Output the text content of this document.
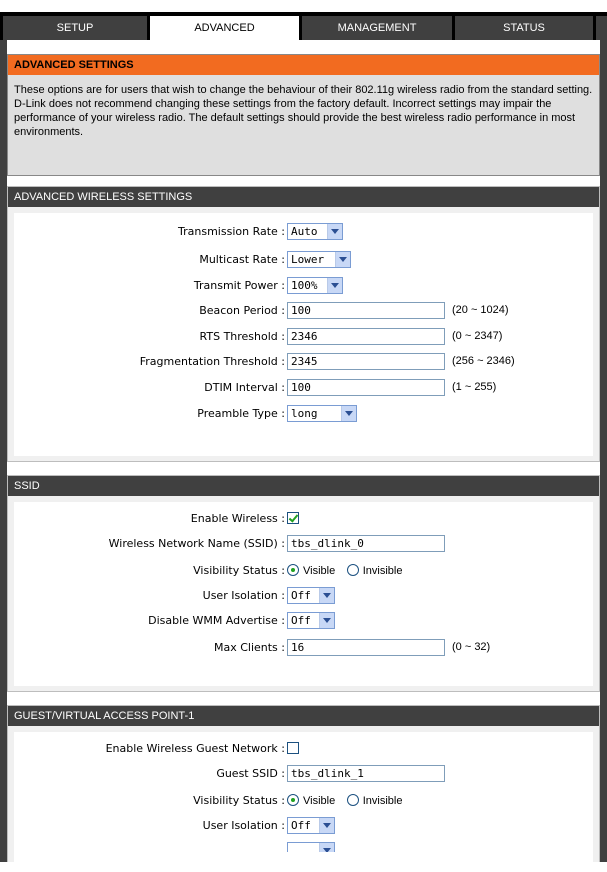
SETUP	ADVANCED	MANAGEMENT	STATUS
ADVANCED SETTINGS
These options are for users that wish to change the behaviour of their 802.11g wireless radio from the standard setting. D-Link does not recommend changing these settings from the factory default. Incorrect settings may impair the performance of your wireless radio. The default settings should provide the best wireless radio performance in most environments.
ADVANCED WIRELESS SETTINGS
Transmission Rate : Auto
Multicast Rate : Lower
Transmit Power : 100%
Beacon Period : 100	(20 ~ 1024)
RTS Threshold : 2346	(0 ~ 2347)
Fragmentation Threshold : 2345	(256 ~ 2346)
DTIM Interval : 100	(1 ~ 255)
Preamble Type : long
SSID
Enable Wireless :
Wireless Network Name (SSID) : tbs_dlink_0
Visibility Status :	Visible	Invisible
User Isolation : Off
Disable WMM Advertise : Off
Max Clients : 16	(0 ~ 32)
GUEST/VIRTUAL ACCESS POINT-1
Enable Wireless Guest Network :
Guest SSID : tbs_dlink_1
Visibility Status :	Visible	Invisible
User Isolation : Off
